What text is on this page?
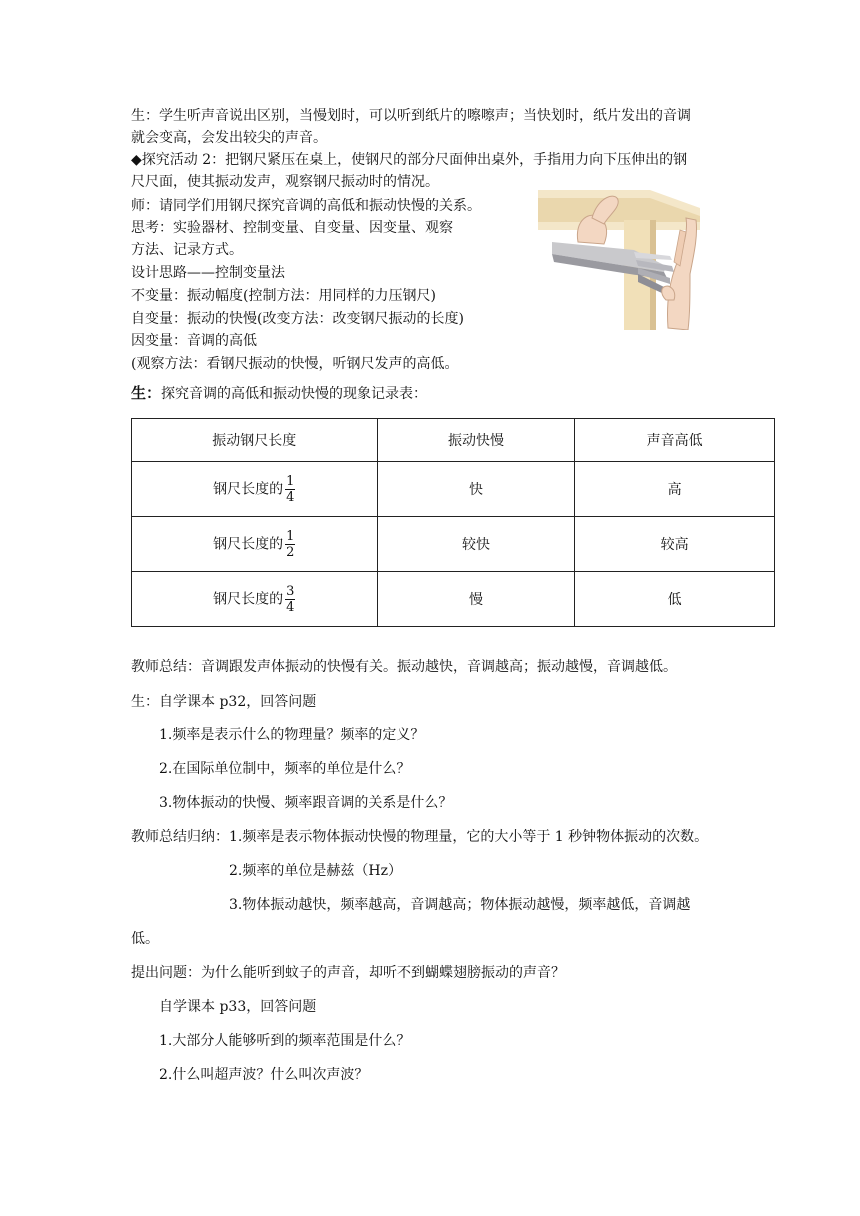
生：学生听声音说出区别，当慢划时，可以听到纸片的嚓嚓声；当快划时，纸片发出的音调
就会变高，会发出较尖的声音。
◆探究活动 2：把钢尺紧压在桌上，使钢尺的部分尺面伸出桌外，手指用力向下压伸出的钢
尺尺面，使其振动发声，观察钢尺振动时的情况。
师：请同学们用钢尺探究音调的高低和振动快慢的关系。
思考：实验器材、控制变量、自变量、因变量、观察
方法、记录方式。
设计思路——控制变量法
不变量：振动幅度(控制方法：用同样的力压钢尺)
自变量：振动的快慢(改变方法：改变钢尺振动的长度)
因变量：音调的高低
(观察方法：看钢尺振动的快慢，听钢尺发声的高低。
生：探究音调的高低和振动快慢的现象记录表：
振动钢尺长度	振动快慢	声音高低
钢尺长度的 $\frac{1}{4}$	快	高
钢尺长度的 $\frac{1}{2}$	较快	较高
钢尺长度的 $\frac{3}{4}$	慢	低
教师总结：音调跟发声体振动的快慢有关。振动越快，音调越高；振动越慢，音调越低。
生：自学课本 p32，回答问题
1.频率是表示什么的物理量？频率的定义？
2.在国际单位制中，频率的单位是什么？
3.物体振动的快慢、频率跟音调的关系是什么？
教师总结归纳：1.频率是表示物体振动快慢的物理量，它的大小等于 1 秒钟物体振动的次数。
2.频率的单位是赫兹（Hz）
3.物体振动越快，频率越高，音调越高；物体振动越慢，频率越低，音调越
低。
提出问题：为什么能听到蚊子的声音，却听不到蝴蝶翅膀振动的声音？
自学课本 p33，回答问题
1.大部分人能够听到的频率范围是什么？
2.什么叫超声波？什么叫次声波？
